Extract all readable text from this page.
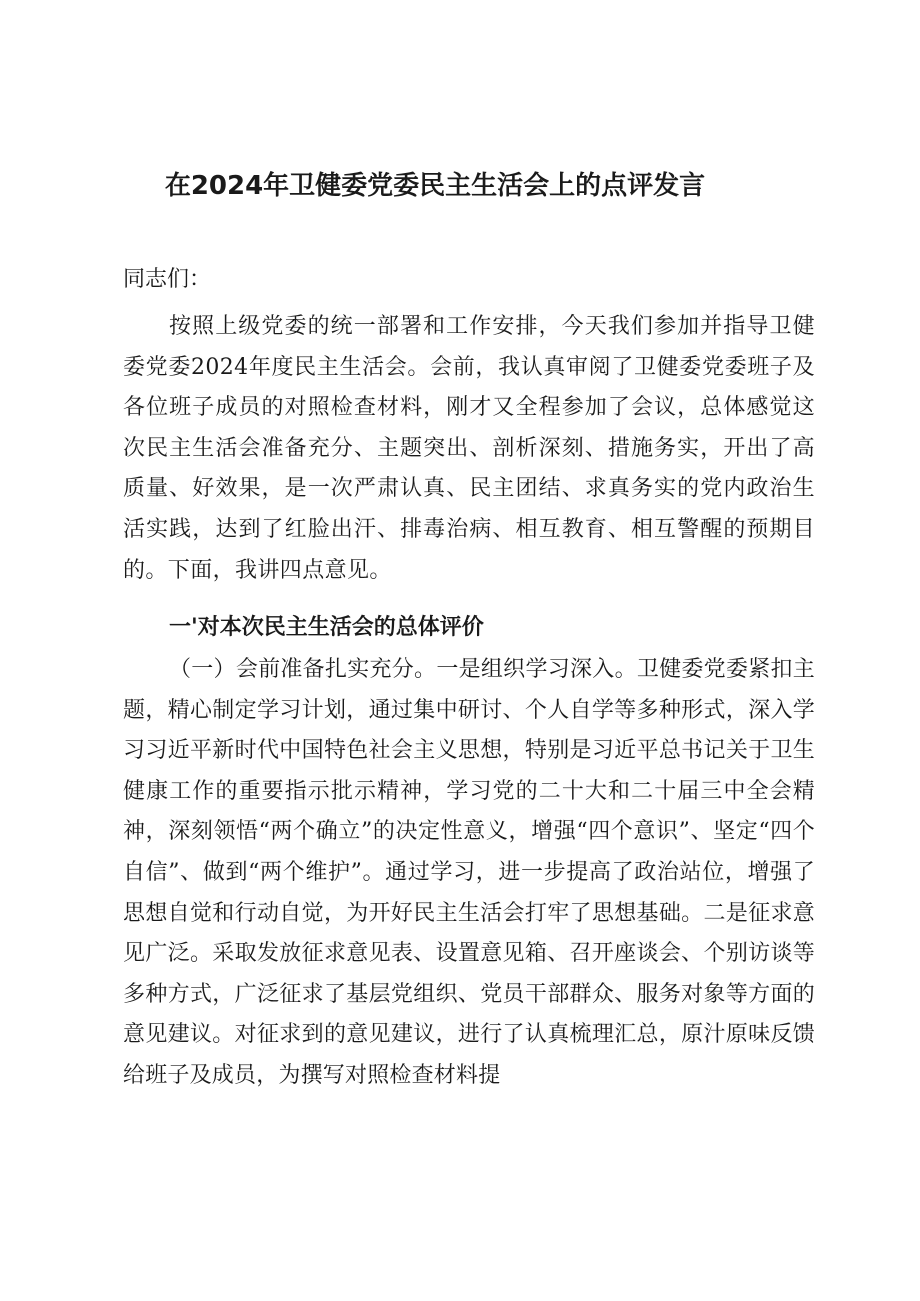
在2024年卫健委党委民主生活会上的点评发言

同志们：

按照上级党委的统一部署和工作安排，今天我们参加并指导卫健委党委2024年度民主生活会。会前，我认真审阅了卫健委党委班子及各位班子成员的对照检查材料，刚才又全程参加了会议，总体感觉这次民主生活会准备充分、主题突出、剖析深刻、措施务实，开出了高质量、好效果，是一次严肃认真、民主团结、求真务实的党内政治生活实践，达到了红脸出汗、排毒治病、相互教育、相互警醒的预期目的。下面，我讲四点意见。

一'对本次民主生活会的总体评价

（一）会前准备扎实充分。一是组织学习深入。卫健委党委紧扣主题，精心制定学习计划，通过集中研讨、个人自学等多种形式，深入学习习近平新时代中国特色社会主义思想，特别是习近平总书记关于卫生健康工作的重要指示批示精神，学习党的二十大和二十届三中全会精神，深刻领悟“两个确立”的决定性意义，增强“四个意识”、坚定“四个自信”、做到“两个维护”。通过学习，进一步提高了政治站位，增强了思想自觉和行动自觉，为开好民主生活会打牢了思想基础。二是征求意见广泛。采取发放征求意见表、设置意见箱、召开座谈会、个别访谈等多种方式，广泛征求了基层党组织、党员干部群众、服务对象等方面的意见建议。对征求到的意见建议，进行了认真梳理汇总，原汁原味反馈给班子及成员，为撰写对照检查材料提
